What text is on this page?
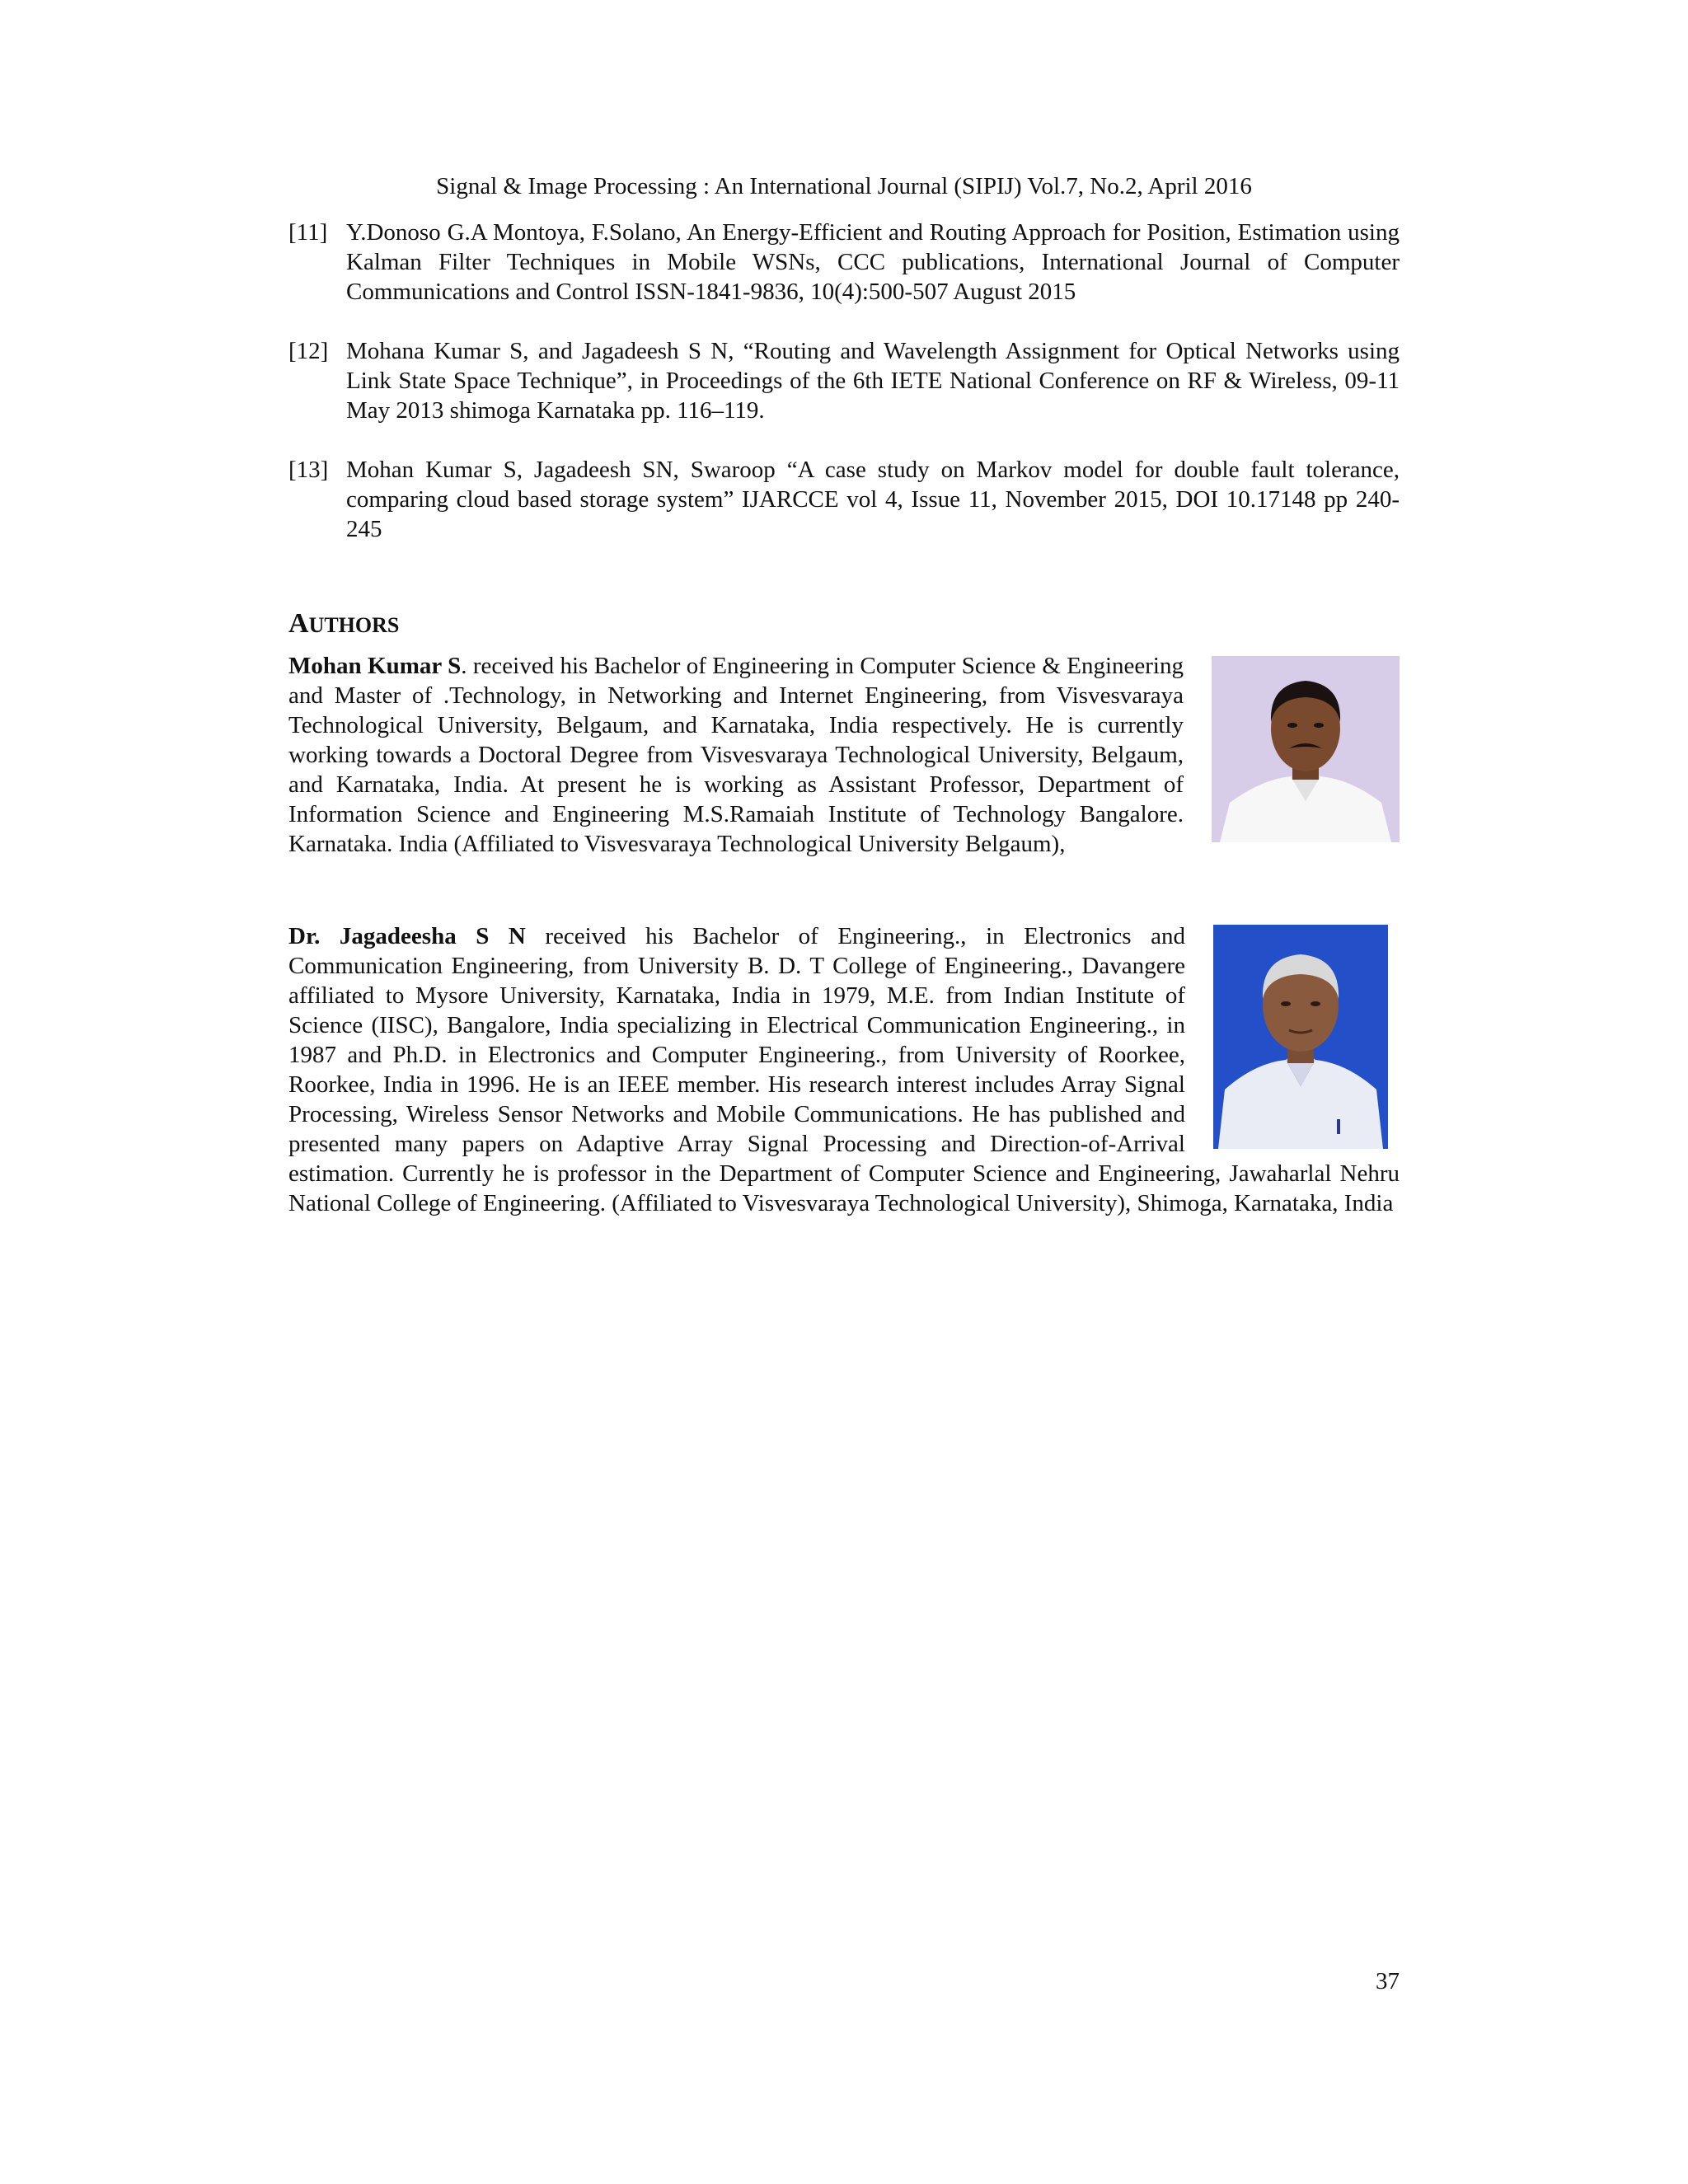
Signal & Image Processing : An International Journal (SIPIJ) Vol.7, No.2, April 2016
[11] Y.Donoso G.A Montoya, F.Solano, An Energy-Efficient and Routing Approach for Position, Estimation using Kalman Filter Techniques in Mobile WSNs, CCC publications, International Journal of Computer Communications and Control ISSN-1841-9836, 10(4):500-507 August 2015
[12] Mohana Kumar S, and Jagadeesh S N, “Routing and Wavelength Assignment for Optical Networks using Link State Space Technique”, in Proceedings of the 6th IETE National Conference on RF & Wireless, 09-11 May 2013 shimoga Karnataka pp. 116–119.
[13] Mohan Kumar S, Jagadeesh SN, Swaroop “A case study on Markov model for double fault tolerance, comparing cloud based storage system” IJARCCE vol 4, Issue 11, November 2015, DOI 10.17148 pp 240-245
AUTHORS
Mohan Kumar S. received his Bachelor of Engineering in Computer Science & Engineering and Master of .Technology, in Networking and Internet Engineering, from Visvesvaraya Technological University, Belgaum, and Karnataka, India respectively. He is currently working towards a Doctoral Degree from Visvesvaraya Technological University, Belgaum, and Karnataka, India. At present he is working as Assistant Professor, Department of Information Science and Engineering M.S.Ramaiah Institute of Technology Bangalore. Karnataka. India (Affiliated to Visvesvaraya Technological University Belgaum),
Dr. Jagadeesha S N received his Bachelor of Engineering., in Electronics and Communication Engineering, from University B. D. T College of Engineering., Davangere affiliated to Mysore University, Karnataka, India in 1979, M.E. from Indian Institute of Science (IISC), Bangalore, India specializing in Electrical Communication Engineering., in 1987 and Ph.D. in Electronics and Computer Engineering., from University of Roorkee, Roorkee, India in 1996. He is an IEEE member. His research interest includes Array Signal Processing, Wireless Sensor Networks and Mobile Communications. He has published and presented many papers on Adaptive Array Signal Processing and Direction-of-Arrival estimation. Currently he is professor in the Department of Computer Science and Engineering, Jawaharlal Nehru National College of Engineering. (Affiliated to Visvesvaraya Technological University), Shimoga, Karnataka, India
37
